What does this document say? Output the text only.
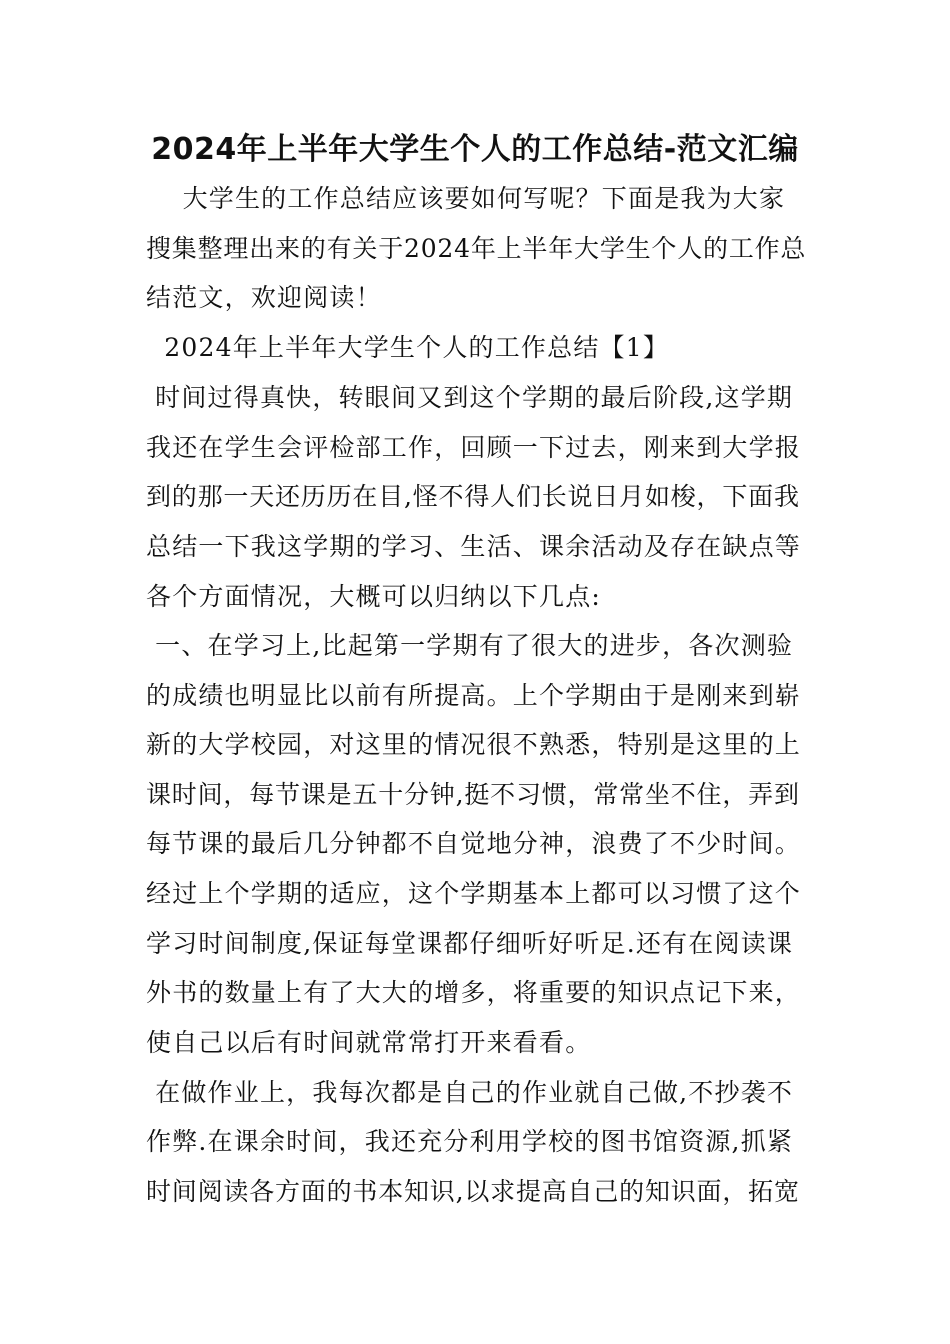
2024年上半年大学生个人的工作总结-范文汇编
大学生的工作总结应该要如何写呢？下面是我为大家
搜集整理出来的有关于2024年上半年大学生个人的工作总
结范文，欢迎阅读！
2024年上半年大学生个人的工作总结【1】
时间过得真快，转眼间又到这个学期的最后阶段,这学期
我还在学生会评检部工作，回顾一下过去，刚来到大学报
到的那一天还历历在目,怪不得人们长说日月如梭，下面我
总结一下我这学期的学习、生活、课余活动及存在缺点等
各个方面情况，大概可以归纳以下几点:
一、在学习上,比起第一学期有了很大的进步，各次测验
的成绩也明显比以前有所提高。上个学期由于是刚来到崭
新的大学校园，对这里的情况很不熟悉，特别是这里的上
课时间，每节课是五十分钟,挺不习惯，常常坐不住，弄到
每节课的最后几分钟都不自觉地分神，浪费了不少时间。
经过上个学期的适应，这个学期基本上都可以习惯了这个
学习时间制度,保证每堂课都仔细听好听足.还有在阅读课
外书的数量上有了大大的增多，将重要的知识点记下来，
使自己以后有时间就常常打开来看看。
在做作业上，我每次都是自己的作业就自己做,不抄袭不
作弊.在课余时间，我还充分利用学校的图书馆资源,抓紧
时间阅读各方面的书本知识,以求提高自己的知识面，拓宽
